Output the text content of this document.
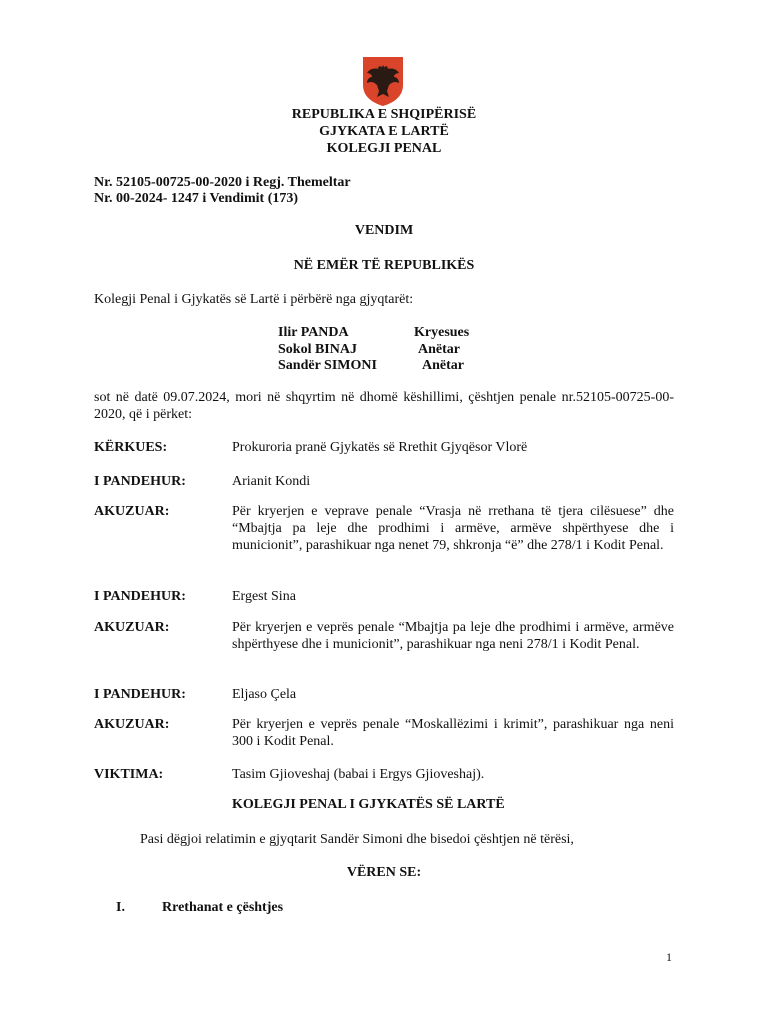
REPUBLIKA E SHQIPËRISË
GJYKATA E LARTË
KOLEGJI PENAL
Nr. 52105-00725-00-2020 i Regj. Themeltar
Nr. 00-2024- 1247 i Vendimit (173)
VENDIM
NË EMËR TË REPUBLIKËS
Kolegji Penal i Gjykatës së Lartë i përbërë nga gjyqtarët:
Ilir PANDA	Kryesues
Sokol BINAJ	Anëtar
Sandër SIMONI	Anëtar
sot në datë 09.07.2024, mori në shqyrtim në dhomë këshillimi, çështjen penale nr.52105-00725-00-2020, që i përket:
KËRKUES:	Prokuroria pranë Gjykatës së Rrethit Gjyqësor Vlorë
I PANDEHUR:	Arianit Kondi
AKUZUAR:	Për kryerjen e veprave penale “Vrasja në rrethana të tjera cilësuese” dhe “Mbajtja pa leje dhe prodhimi i armëve, armëve shpërthyese dhe i municionit”, parashikuar nga nenet 79, shkronja “ë” dhe 278/1 i Kodit Penal.
I PANDEHUR:	Ergest Sina
AKUZUAR:	Për kryerjen e veprës penale “Mbajtja pa leje dhe prodhimi i armëve, armëve shpërthyese dhe i municionit”, parashikuar nga neni 278/1 i Kodit Penal.
I PANDEHUR:	Eljaso Çela
AKUZUAR:	Për kryerjen e veprës penale “Moskallëzimi i krimit”, parashikuar nga neni 300 i Kodit Penal.
VIKTIMA:	Tasim Gjioveshaj (babai i Ergys Gjioveshaj).
KOLEGJI PENAL I GJYKATËS SË LARTË
Pasi dëgjoi relatimin e gjyqtarit Sandër Simoni dhe bisedoi çështjen në tërësi,
VËREN SE:
I.	Rrethanat e çështjes
1
